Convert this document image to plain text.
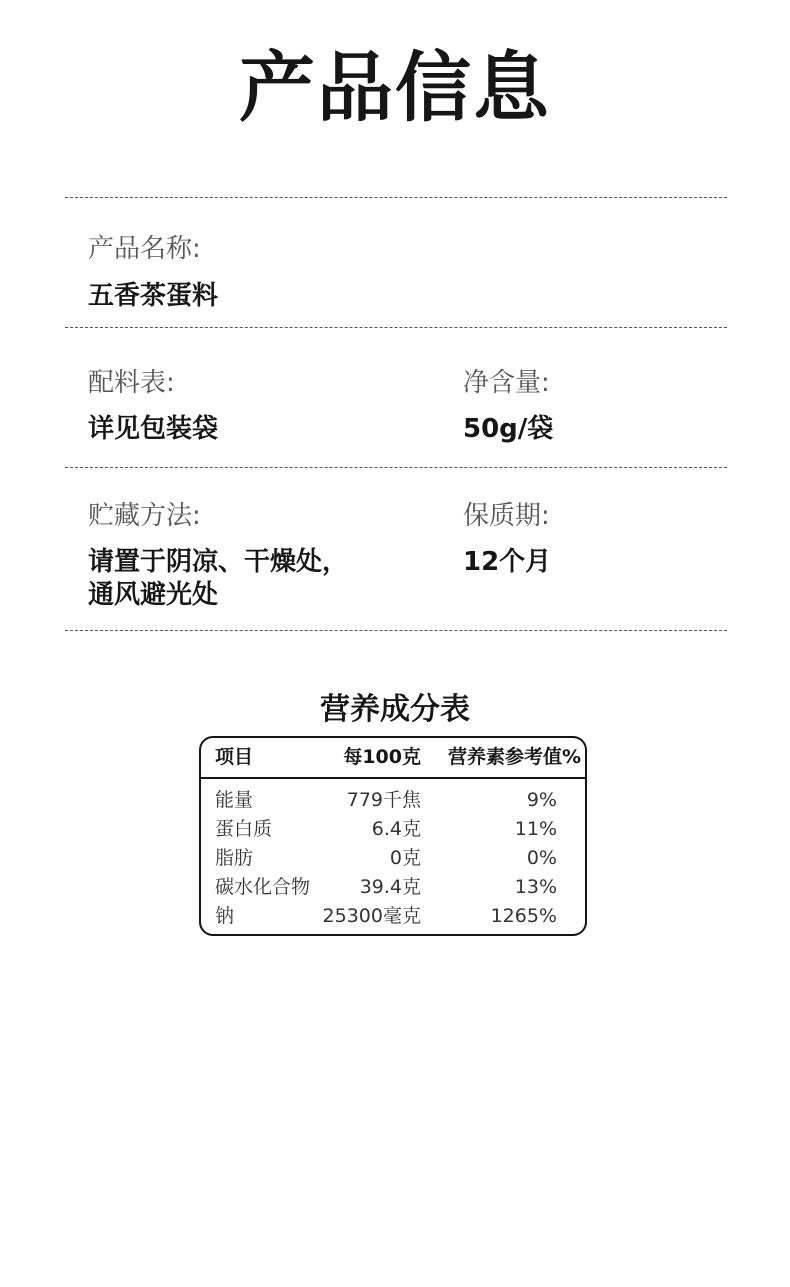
产品信息
产品名称:
五香茶蛋料
配料表:
详见包装袋
净含量:
50g/袋
贮藏方法:
请置于阴凉、干燥处，
通风避光处
保质期:
12个月
营养成分表
项目	每100克 营养素参考值%
能量	779千焦	9%
蛋白质	6.4克	11%
脂肪	0克	0%
碳水化合物	39.4克	13%
钠	25300毫克	1265%
